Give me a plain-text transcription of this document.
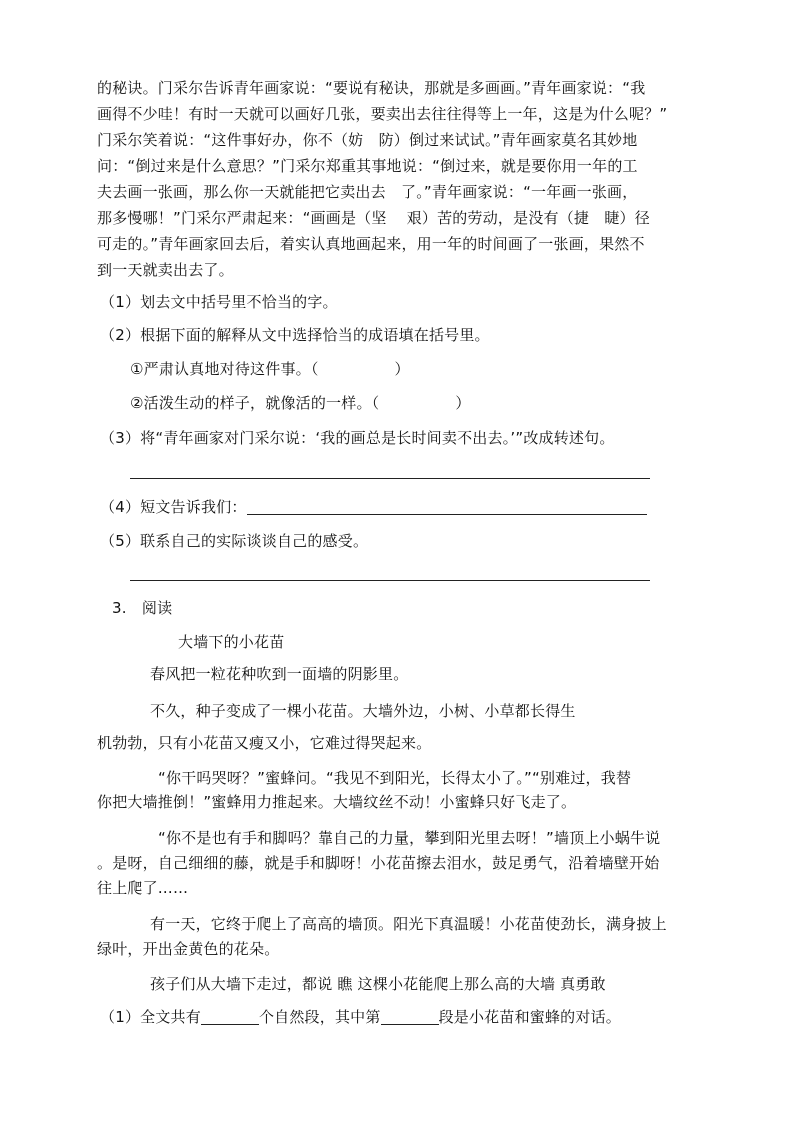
的秘诀。门采尔告诉青年画家说：“要说有秘诀，那就是多画画。”青年画家说：“我
画得不少哇！有时一天就可以画好几张，要卖出去往往得等上一年，这是为什么呢？”
门采尔笑着说：“这件事好办，你不（妨　防）倒过来试试。”青年画家莫名其妙地
问：“倒过来是什么意思？”门采尔郑重其事地说：“倒过来，就是要你用一年的工
夫去画一张画，那么你一天就能把它卖出去　了。”青年画家说：“一年画一张画，
那多慢哪！”门采尔严肃起来：“画画是（坚　 艰）苦的劳动，是没有（捷　睫）径
可走的。”青年画家回去后，着实认真地画起来，用一年的时间画了一张画，果然不
到一天就卖出去了。
（1）划去文中括号里不恰当的字。
（2）根据下面的解释从文中选择恰当的成语填在括号里。
①严肃认真地对待这件事。（　　　　　）
②活泼生动的样子，就像活的一样。（　　　　　）
（3）将“青年画家对门采尔说：‘我的画总是长时间卖不出去。’”改成转述句。
（4）短文告诉我们：
（5）联系自己的实际谈谈自己的感受。
3.　阅读
大墙下的小花苗
春风把一粒花种吹到一面墙的阴影里。
不久，种子变成了一棵小花苗。大墙外边，小树、小草都长得生
机勃勃，只有小花苗又瘦又小，它难过得哭起来。
“你干吗哭呀？”蜜蜂问。“我见不到阳光，长得太小了。”“别难过，我替
你把大墙推倒！”蜜蜂用力推起来。大墙纹丝不动！小蜜蜂只好飞走了。
“你不是也有手和脚吗？靠自己的力量，攀到阳光里去呀！”墙顶上小蜗牛说
。是呀，自己细细的藤，就是手和脚呀！小花苗擦去泪水，鼓足勇气，沿着墙壁开始
往上爬了……
有一天，它终于爬上了高高的墙顶。阳光下真温暖！小花苗使劲长，满身披上
绿叶，开出金黄色的花朵。
孩子们从大墙下走过，都说 瞧 这棵小花能爬上那么高的大墙 真勇敢
（1）全文共有	个自然段，其中第	段是小花苗和蜜蜂的对话。
